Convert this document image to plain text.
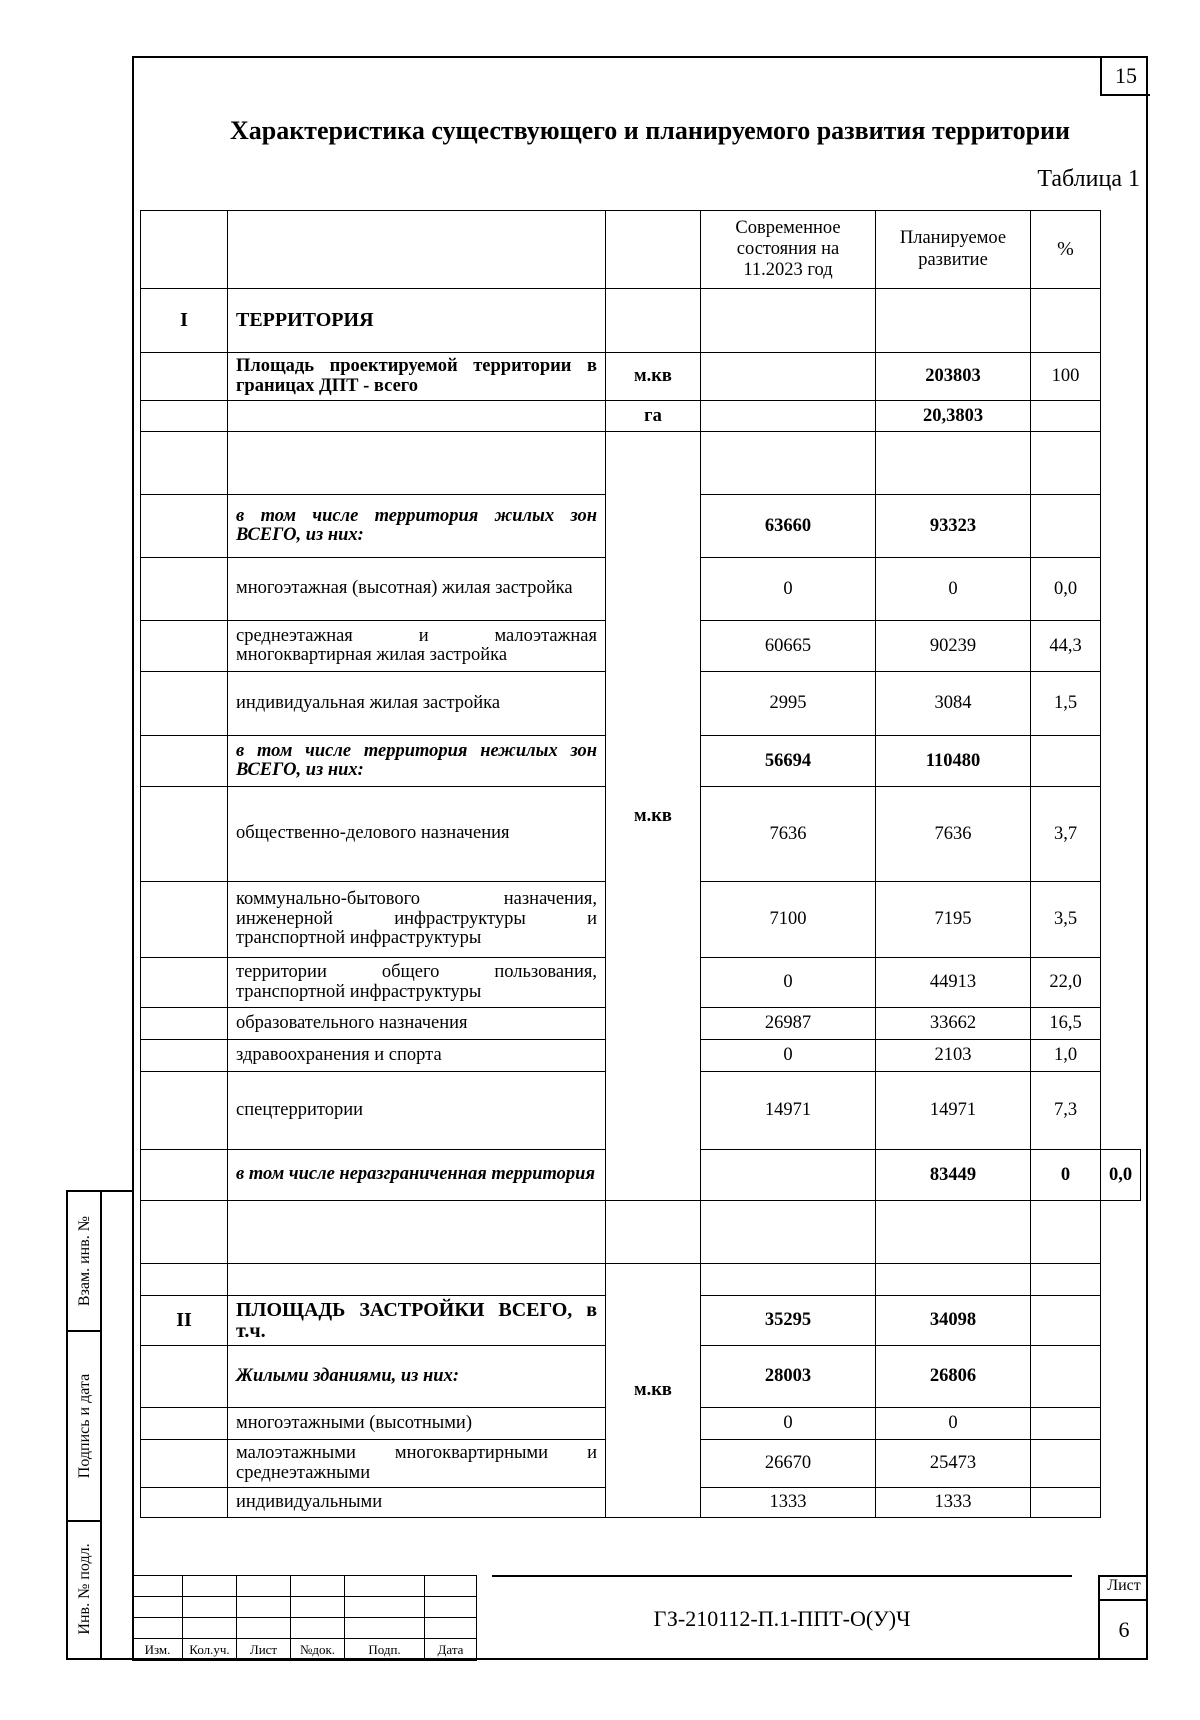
15
Характеристика существующего и планируемого развития территории
Таблица 1
			Современное состояния на 11.2023 год	Планируемое развитие	%	
I	ТЕРРИТОРИЯ					
	Площадь проектируемой территории в границах ДПТ - всего	м.кв		203803	100	
		га		20,3803		
		м.кв				
	в том числе территория жилых зон ВСЕГО, из них:		63660	93323		
	многоэтажная (высотная) жилая застройка		0	0	0,0	
	среднеэтажная и малоэтажная многоквартирная жилая застройка		60665	90239	44,3	
	индивидуальная жилая застройка		2995	3084	1,5	
	в том числе территория нежилых зон ВСЕГО, из них:		56694	110480		
	общественно-делового назначения		7636	7636	3,7	
	коммунально-бытового назначения, инженерной инфраструктуры и транспортной инфраструктуры		7100	7195	3,5	
	территории общего пользования, транспортной инфраструктуры		0	44913	22,0	
	образовательного назначения		26987	33662	16,5	
	здравоохранения и спорта		0	2103	1,0	
	спецтерритории		14971	14971	7,3	
	в том числе неразграниченная территория			83449	0	0,0

		м.кв				
II	ПЛОЩАДЬ ЗАСТРОЙКИ ВСЕГО, в т.ч.		35295	34098		
	Жилыми зданиями, из них:		28003	26806		
	многоэтажными (высотными)		0	0		
	малоэтажными многоквартирными и среднеэтажными		26670	25473		
	индивидуальными		1333	1333		
Взам. инв. №
Подпись и дата
Инв. № подл.

Изм.	Кол.уч.	Лист	№док.	Подп.	Дата
ГЗ-210112-П.1-ППТ-О(У)Ч
Лист
6
